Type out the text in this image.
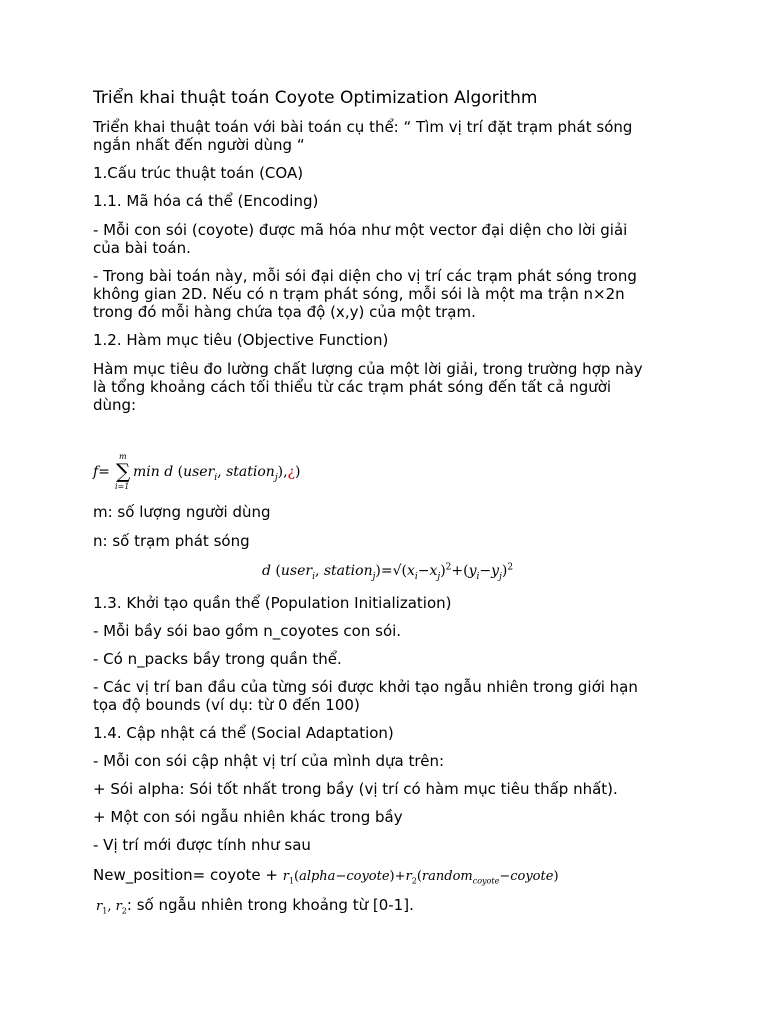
Triển khai thuật toán Coyote Optimization Algorithm

Triển khai thuật toán với bài toán cụ thể: “ Tìm vị trí đặt trạm phát sóng

ngắn nhất đến người dùng “

1.Cấu trúc thuật toán (COA)

1.1. Mã hóa cá thể (Encoding)

- Mỗi con sói (coyote) được mã hóa như một vector đại diện cho lời giải

của bài toán.

- Trong bài toán này, mỗi sói đại diện cho vị trí các trạm phát sóng trong

không gian 2D. Nếu có n trạm phát sóng, mỗi sói là một ma trận n×2n

trong đó mỗi hàng chứa tọa độ (x,y) của một trạm.

1.2. Hàm mục tiêu (Objective Function)

Hàm mục tiêu đo lường chất lượng của một lời giải, trong trường hợp này

là tổng khoảng cách tối thiểu từ các trạm phát sóng đến tất cả người

dùng:

f= ∑
m
i=1
min d (user$_i$, station$_j$),¿)

m: số lượng người dùng

n: số trạm phát sóng

d (user$_i$, $station_j)=√(x_i-x_j)^2+(y_i-y_j)^2$

1.3. Khởi tạo quần thể (Population Initialization)

- Mỗi bầy sói bao gồm n_coyotes con sói.

- Có n_packs bầy trong quần thể.

- Các vị trí ban đầu của từng sói được khởi tạo ngẫu nhiên trong giới hạn

tọa độ bounds (ví dụ: từ 0 đến 100)

1.4. Cập nhật cá thể (Social Adaptation)

- Mỗi con sói cập nhật vị trí của mình dựa trên:

+ Sói alpha: Sói tốt nhất trong bầy (vị trí có hàm mục tiêu thấp nhất).

+ Một con sói ngẫu nhiên khác trong bầy

- Vị trí mới được tính như sau

New_position= coyote + $r_1(alpha-coyote)+r_2(random_{coyote}-coyote)$

$r_1$, $r_2$: số ngẫu nhiên trong khoảng từ [0-1].
